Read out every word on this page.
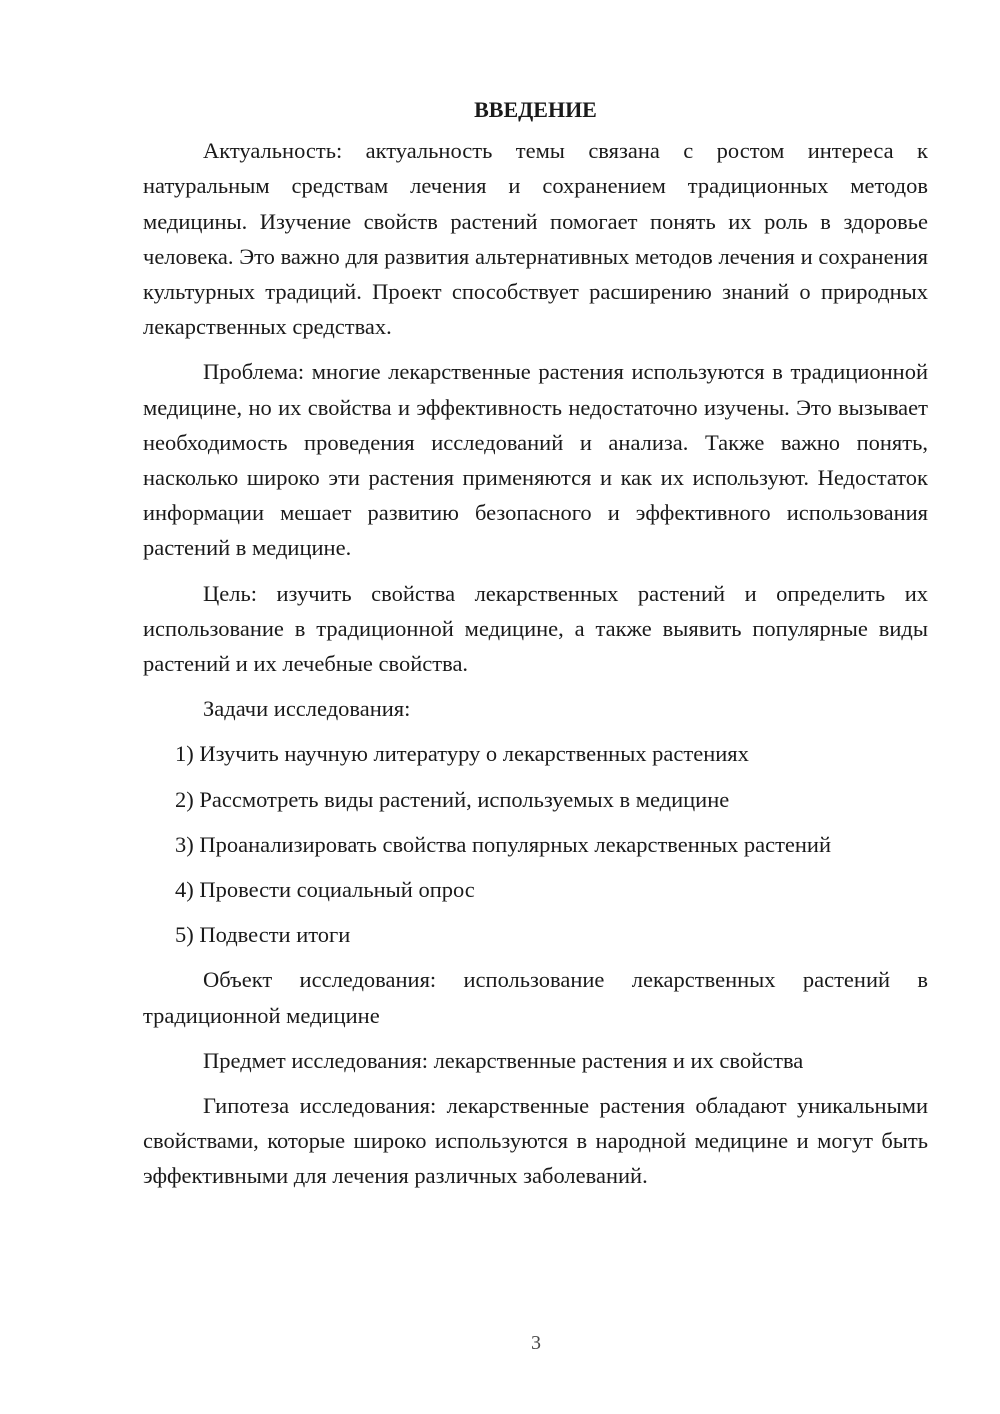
ВВЕДЕНИЕ

Актуальность: актуальность темы связана с ростом интереса к натуральным средствам лечения и сохранением традиционных методов медицины. Изучение свойств растений помогает понять их роль в здоровье человека. Это важно для развития альтернативных методов лечения и сохранения культурных традиций. Проект способствует расширению знаний о природных лекарственных средствах.

Проблема: многие лекарственные растения используются в традиционной медицине, но их свойства и эффективность недостаточно изучены. Это вызывает необходимость проведения исследований и анализа. Также важно понять, насколько широко эти растения применяются и как их используют. Недостаток информации мешает развитию безопасного и эффективного использования растений в медицине.

Цель: изучить свойства лекарственных растений и определить их использование в традиционной медицине, а также выявить популярные виды растений и их лечебные свойства.

Задачи исследования:

1) Изучить научную литературу о лекарственных растениях
2) Рассмотреть виды растений, используемых в медицине
3) Проанализировать свойства популярных лекарственных растений
4) Провести социальный опрос
5) Подвести итоги

Объект исследования: использование лекарственных растений в традиционной медицине

Предмет исследования: лекарственные растения и их свойства

Гипотеза исследования: лекарственные растения обладают уникальными свойствами, которые широко используются в народной медицине и могут быть эффективными для лечения различных заболеваний.

3
